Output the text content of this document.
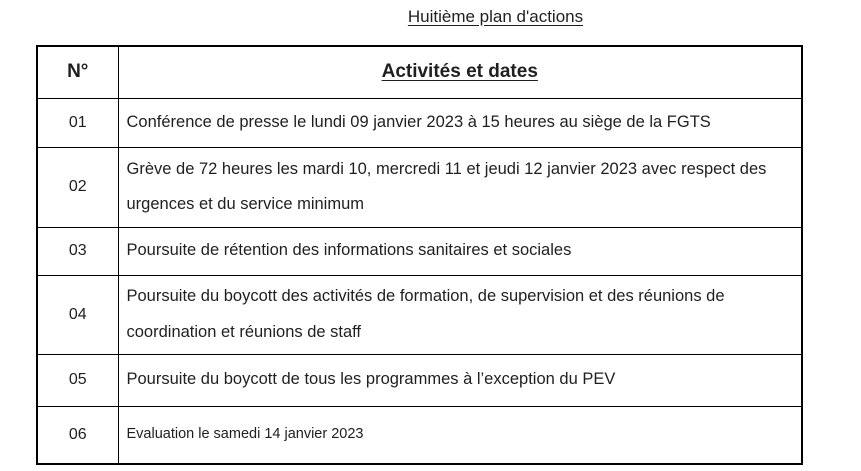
Huitième plan d'actions
N°	Activités et dates
01	Conférence de presse le lundi 09 janvier 2023 à 15 heures au siège de la FGTS
02	Grève de 72 heures les mardi 10, mercredi 11 et jeudi 12 janvier 2023 avec respect des urgences et du service minimum
03	Poursuite de rétention des informations sanitaires et sociales
04	Poursuite du boycott des activités de formation, de supervision et des réunions de coordination et réunions de staff
05	Poursuite du boycott de tous les programmes à l’exception du PEV
06	Evaluation le samedi 14 janvier 2023
